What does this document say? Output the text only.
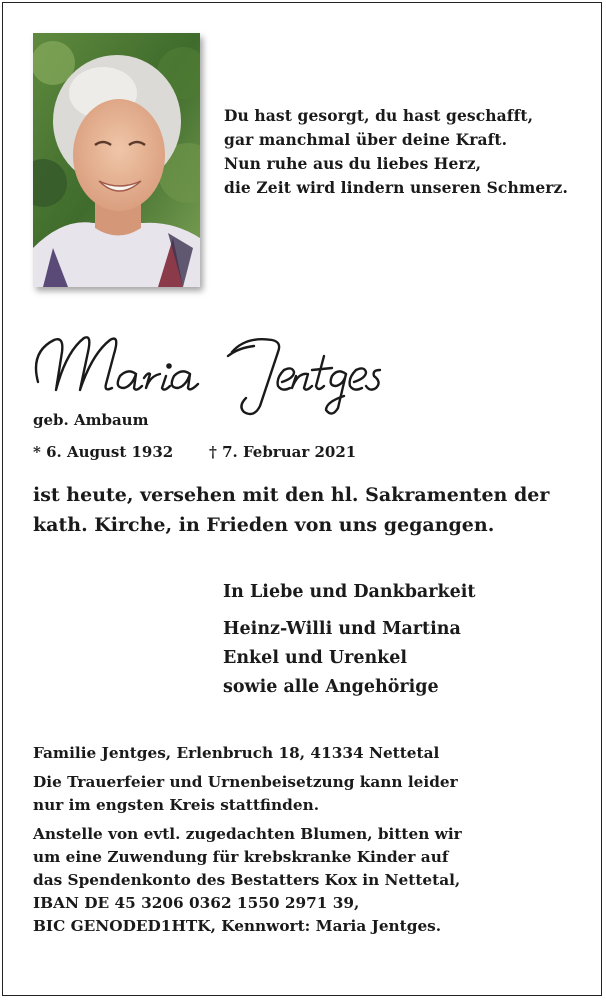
Du hast gesorgt, du hast geschafft,
gar manchmal über deine Kraft.
Nun ruhe aus du liebes Herz,
die Zeit wird lindern unseren Schmerz.
geb. Ambaum
* 6. August 1932 † 7. Februar 2021
ist heute, versehen mit den hl. Sakramenten der
kath. Kirche, in Frieden von uns gegangen.
In Liebe und Dankbarkeit
Heinz-Willi und Martina
Enkel und Urenkel
sowie alle Angehörige
Familie Jentges, Erlenbruch 18, 41334 Nettetal
Die Trauerfeier und Urnenbeisetzung kann leider
nur im engsten Kreis stattfinden.
Anstelle von evtl. zugedachten Blumen, bitten wir
um eine Zuwendung für krebskranke Kinder auf
das Spendenkonto des Bestatters Kox in Nettetal,
IBAN DE 45 3206 0362 1550 2971 39,
BIC GENODED1HTK, Kennwort: Maria Jentges.
